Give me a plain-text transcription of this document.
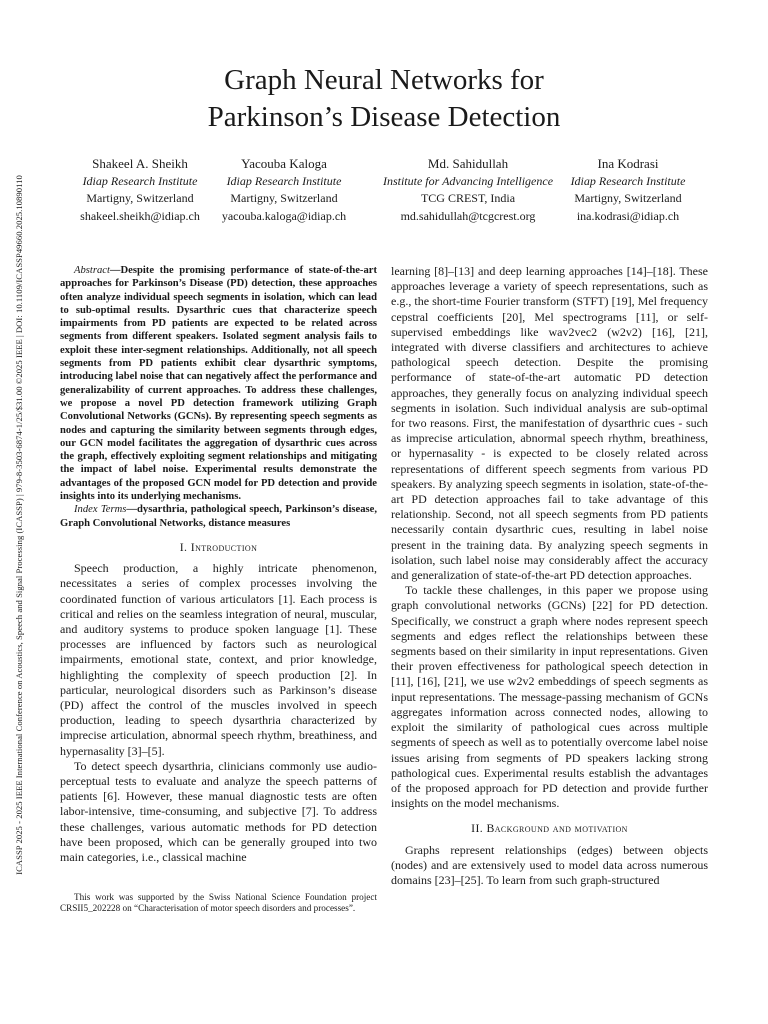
ICASSP 2025 - 2025 IEEE International Conference on Acoustics, Speech and Signal Processing (ICASSP) | 979-8-3503-6874-1/25/$31.00 ©2025 IEEE | DOI: 10.1109/ICASSP49660.2025.10890110
Graph Neural Networks for
Parkinson’s Disease Detection
Shakeel A. Sheikh
Idiap Research Institute
Martigny, Switzerland
shakeel.sheikh@idiap.ch
Yacouba Kaloga
Idiap Research Institute
Martigny, Switzerland
yacouba.kaloga@idiap.ch
Md. Sahidullah
Institute for Advancing Intelligence
TCG CREST, India
md.sahidullah@tcgcrest.org
Ina Kodrasi
Idiap Research Institute
Martigny, Switzerland
ina.kodrasi@idiap.ch

Abstract—Despite the promising performance of state-of-the-art approaches for Parkinson’s Disease (PD) detection, these approaches often analyze individual speech segments in isolation, which can lead to sub-optimal results. Dysarthric cues that characterize speech impairments from PD patients are expected to be related across segments from different speakers. Isolated segment analysis fails to exploit these inter-segment relationships. Additionally, not all speech segments from PD patients exhibit clear dysarthric symptoms, introducing label noise that can negatively affect the performance and generalizability of current approaches. To address these challenges, we propose a novel PD detection framework utilizing Graph Convolutional Networks (GCNs). By representing speech segments as nodes and capturing the similarity between segments through edges, our GCN model facilitates the aggregation of dysarthric cues across the graph, effectively exploiting segment relationships and mitigating the impact of label noise. Experimental results demonstrate the advantages of the proposed GCN model for PD detection and provide insights into its underlying mechanisms.

Index Terms—dysarthria, pathological speech, Parkinson’s disease, Graph Convolutional Networks, distance measures

I. Introduction

Speech production, a highly intricate phenomenon, necessitates a series of complex processes involving the coordinated function of various articulators [1]. Each process is critical and relies on the seamless integration of neural, muscular, and auditory systems to produce spoken language [1]. These processes are influenced by factors such as neurological impairments, emotional state, context, and prior knowledge, highlighting the complexity of speech production [2]. In particular, neurological disorders such as Parkinson’s disease (PD) affect the control of the muscles involved in speech production, leading to speech dysarthria characterized by imprecise articulation, abnormal speech rhythm, breathiness, and hypernasality [3]–[5].

To detect speech dysarthria, clinicians commonly use audio-perceptual tests to evaluate and analyze the speech patterns of patients [6]. However, these manual diagnostic tests are often labor-intensive, time-consuming, and subjective [7]. To address these challenges, various automatic methods for PD detection have been proposed, which can be generally grouped into two main categories, i.e., classical machine

This work was supported by the Swiss National Science Foundation project CRSII5_202228 on “Characterisation of motor speech disorders and processes”.

learning [8]–[13] and deep learning approaches [14]–[18]. These approaches leverage a variety of speech representations, such as e.g., the short-time Fourier transform (STFT) [19], Mel frequency cepstral coefficients [20], Mel spectrograms [11], or self-supervised embeddings like wav2vec2 (w2v2) [16], [21], integrated with diverse classifiers and architectures to achieve pathological speech detection. Despite the promising performance of state-of-the-art automatic PD detection approaches, they generally focus on analyzing individual speech segments in isolation. Such individual analysis are sub-optimal for two reasons. First, the manifestation of dysarthric cues - such as imprecise articulation, abnormal speech rhythm, breathiness, or hypernasality - is expected to be closely related across representations of different speech segments from various PD speakers. By analyzing speech segments in isolation, state-of-the-art PD detection approaches fail to take advantage of this relationship. Second, not all speech segments from PD patients necessarily contain dysarthric cues, resulting in label noise present in the training data. By analyzing speech segments in isolation, such label noise may considerably affect the accuracy and generalization of state-of-the-art PD detection approaches.

To tackle these challenges, in this paper we propose using graph convolutional networks (GCNs) [22] for PD detection. Specifically, we construct a graph where nodes represent speech segments and edges reflect the relationships between these segments based on their similarity in input representations. Given their proven effectiveness for pathological speech detection in [11], [16], [21], we use w2v2 embeddings of speech segments as input representations. The message-passing mechanism of GCNs aggregates information across connected nodes, allowing to exploit the similarity of pathological cues across multiple segments of speech as well as to potentially overcome label noise issues arising from segments of PD speakers lacking strong pathological cues. Experimental results establish the advantages of the proposed approach for PD detection and provide further insights on the model mechanisms.

II. Background and motivation

Graphs represent relationships (edges) between objects (nodes) and are extensively used to model data across numerous domains [23]–[25]. To learn from such graph-structured
